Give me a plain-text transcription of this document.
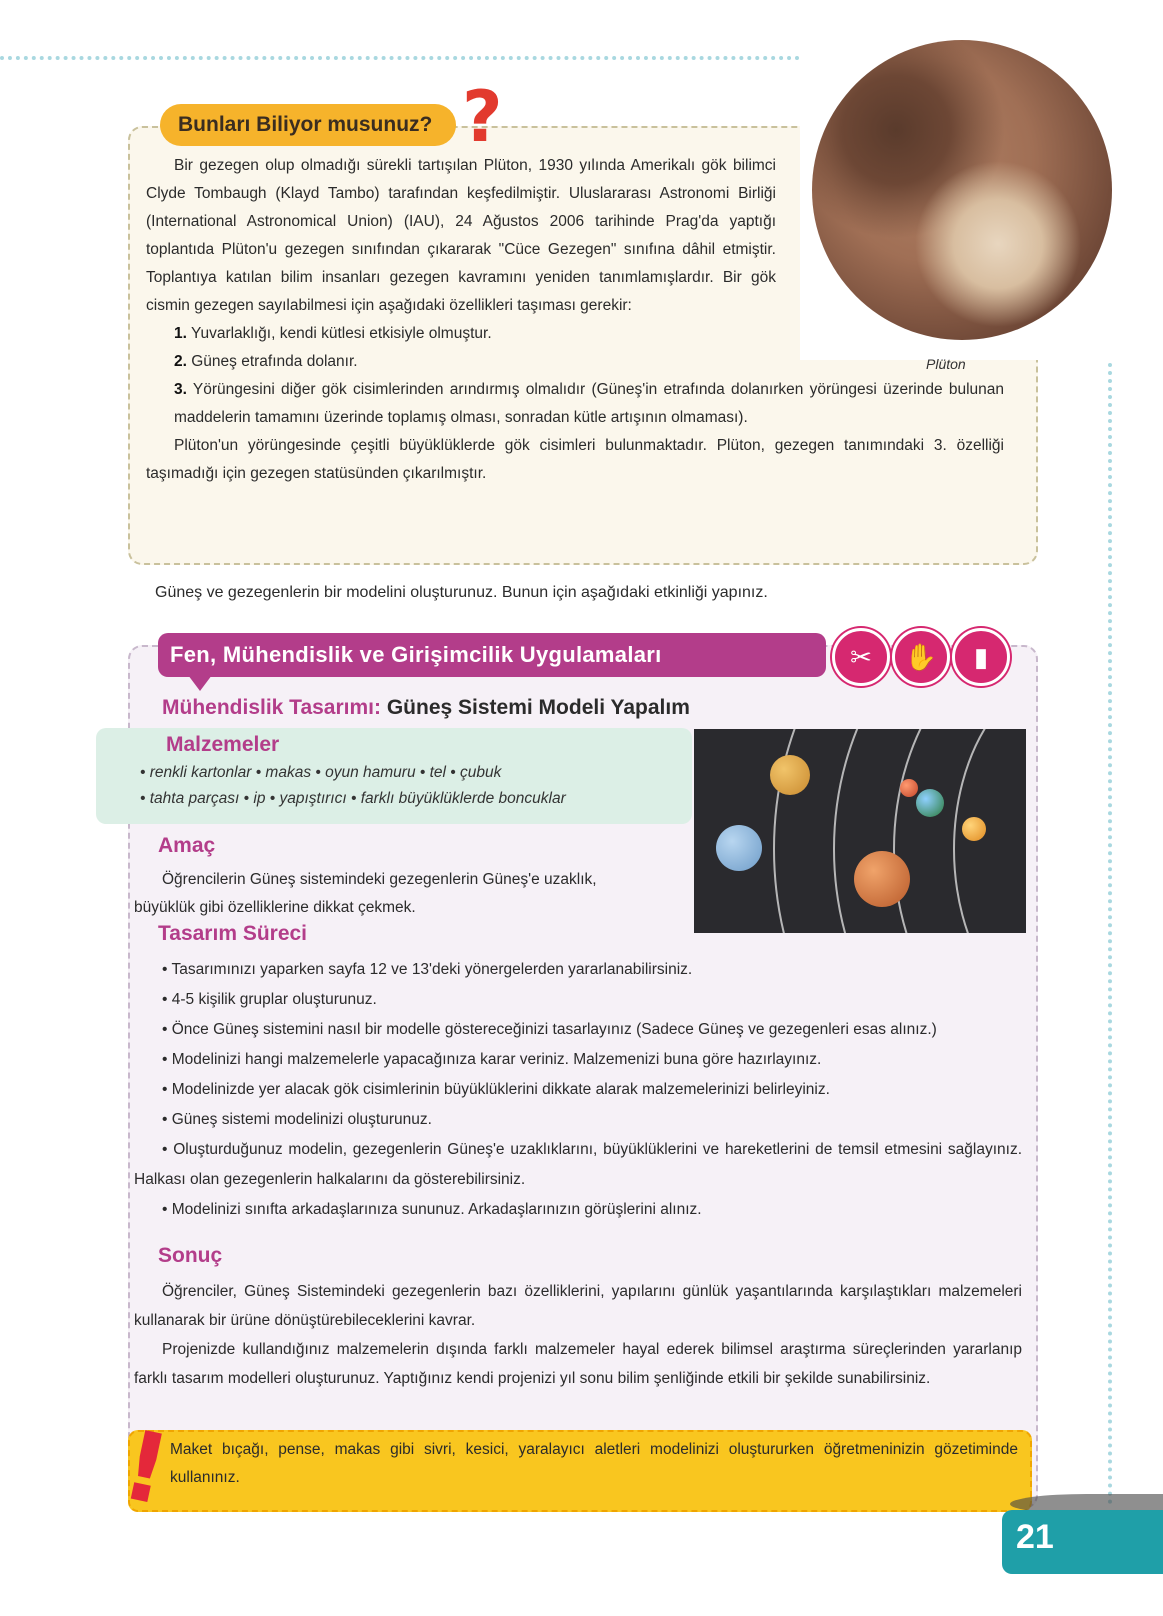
Bunları Biliyor musunuz? ?

Bir gezegen olup olmadığı sürekli tartışılan Plüton, 1930 yılında Amerikalı gök bilimci Clyde Tombaugh (Klayd Tambo) tarafından keşfedilmiştir. Uluslararası Astronomi Birliği (International Astronomical Union) (IAU), 24 Ağustos 2006 tarihinde Prag'da yaptığı toplantıda Plüton'u gezegen sınıfından çıkararak "Cüce Gezegen" sınıfına dâhil etmiştir. Toplantıya katılan bilim insanları gezegen kavramını yeniden tanımlamışlardır. Bir gök cismin gezegen sayılabilmesi için aşağıdaki özellikleri taşıması gerekir:

1. Yuvarlaklığı, kendi kütlesi etkisiyle olmuştur.

2. Güneş etrafında dolanır.

3. Yörüngesini diğer gök cisimlerinden arındırmış olmalıdır (Güneş'in etrafında dolanırken yörüngesi üzerinde bulunan maddelerin tamamını üzerinde toplamış olması, sonradan kütle artışının olmaması).

Plüton'un yörüngesinde çeşitli büyüklüklerde gök cisimleri bulunmaktadır. Plüton, gezegen tanımındaki 3. özelliği taşımadığı için gezegen statüsünden çıkarılmıştır.

Plüton
Güneş ve gezegenlerin bir modelini oluşturunuz. Bunun için aşağıdaki etkinliği yapınız.
Fen, Mühendislik ve Girişimcilik Uygulamaları	✂	✋	▮
Mühendislik Tasarımı: Güneş Sistemi Modeli Yapalım
Malzemeler
• renkli kartonlar • makas • oyun hamuru • tel • çubuk
• tahta parçası • ip • yapıştırıcı • farklı büyüklüklerde boncuklar
Amaç
Öğrencilerin Güneş sistemindeki gezegenlerin Güneş'e uzaklık, büyüklük gibi özelliklerine dikkat çekmek.
Tasarım Süreci

• Tasarımınızı yaparken sayfa 12 ve 13'deki yönergelerden yararlanabilirsiniz.

• 4-5 kişilik gruplar oluşturunuz.

• Önce Güneş sistemini nasıl bir modelle göstereceğinizi tasarlayınız (Sadece Güneş ve gezegenleri esas alınız.)

• Modelinizi hangi malzemelerle yapacağınıza karar veriniz. Malzemenizi buna göre hazırlayınız.

• Modelinizde yer alacak gök cisimlerinin büyüklüklerini dikkate alarak malzemelerinizi belirleyiniz.

• Güneş sistemi modelinizi oluşturunuz.

• Oluşturduğunuz modelin, gezegenlerin Güneş'e uzaklıklarını, büyüklüklerini ve hareketlerini de temsil etmesini sağlayınız. Halkası olan gezegenlerin halkalarını da gösterebilirsiniz.

• Modelinizi sınıfta arkadaşlarınıza sununuz. Arkadaşlarınızın görüşlerini alınız.

Sonuç

Öğrenciler, Güneş Sistemindeki gezegenlerin bazı özelliklerini, yapılarını günlük yaşantılarında karşılaştıkları malzemeleri kullanarak bir ürüne dönüştürebileceklerini kavrar.

Projenizde kullandığınız malzemelerin dışında farklı malzemeler hayal ederek bilimsel araştırma süreçlerinden yararlanıp farklı tasarım modelleri oluşturunuz. Yaptığınız kendi projenizi yıl sonu bilim şenliğinde etkili bir şekilde sunabilirsiniz.

Maket bıçağı, pense, makas gibi sivri, kesici, yaralayıcı aletleri modelinizi oluştururken öğretmeninizin gözetiminde kullanınız.
!
21
